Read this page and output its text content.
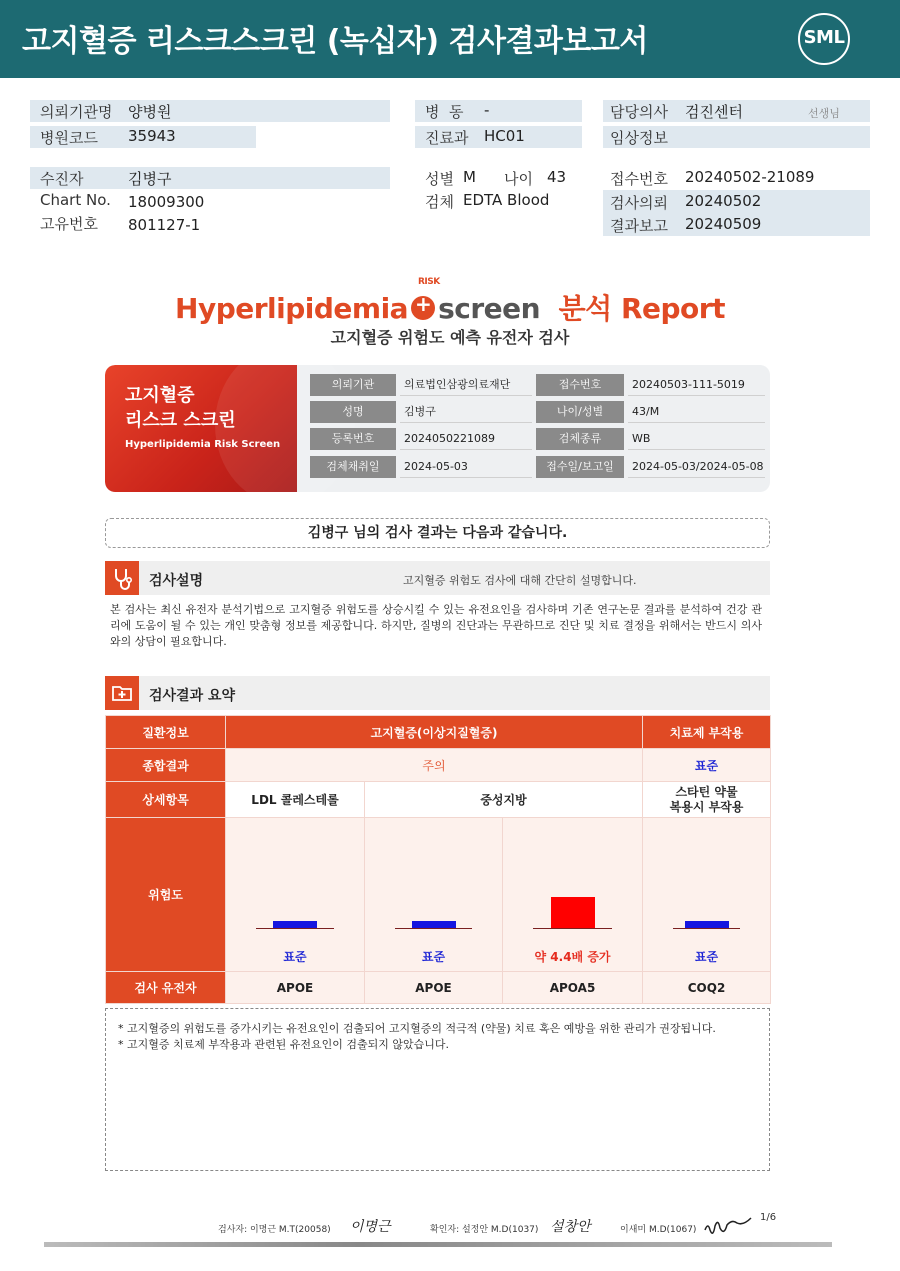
고지혈증 리스크스크린 (녹십자) 검사결과보고서	SML
의뢰기관명 양병원
병원코드 35943
병  동 -
진료과 HC01
담당의사 검진센터	선생님
임상정보
수진자	김병구
Chart No. 18009300
고유번호 801127-1
성별 M 나이 43
검체 EDTA Blood
접수번호 20240502-21089
검사의뢰 20240502
결과보고 20240509
Hyperlipidemia + screen 분석 Report
RISK
고지혈증 위험도 예측 유전자 검사
고지혈증
리스크 스크린
Hyperlipidemia Risk Screen
의뢰기관	의료법인삼광의료재단	접수번호	20240503-111-5019
성명	김병구	나이/성별	43/M
등록번호	2024050221089	검체종류	WB
검체채취일	2024-05-03	접수일/보고일	2024-05-03/2024-05-08
김병구 님의 검사 결과는 다음과 같습니다.
검사설명	고지혈증 위험도 검사에 대해 간단히 설명합니다.
본 검사는 최신 유전자 분석기법으로 고지혈증 위험도를 상승시킬 수 있는 유전요인을 검사하며 기존 연구논문 결과를 분석하여 건강 관리에 도움이 될 수 있는 개인 맞춤형 정보를 제공합니다. 하지만, 질병의 진단과는 무관하므로 진단 및 치료 결정을 위해서는 반드시 의사와의 상담이 필요합니다.
검사결과 요약
질환정보	고지혈증(이상지질혈증)			치료제 부작용
종합결과	주의			표준
상세항목	LDL 콜레스테롤	중성지방		스타틴 약물
복용시 부작용

위험도	표준	표준	약 4.4배 증가	표준

검사 유전자	APOE	APOE	APOA5	COQ2
* 고지혈증의 위험도를 증가시키는 유전요인이 검출되어 고지혈증의 적극적 (약물) 치료 혹은 예방을 위한 관리가 권장됩니다.
* 고지혈증 치료제 부작용과 관련된 유전요인이 검출되지 않았습니다.
검사자: 이명근 M.T(20058) 이명근	확인자: 설정안 M.D(1037) 설창안	이새미 M.D(1067)
1/6
